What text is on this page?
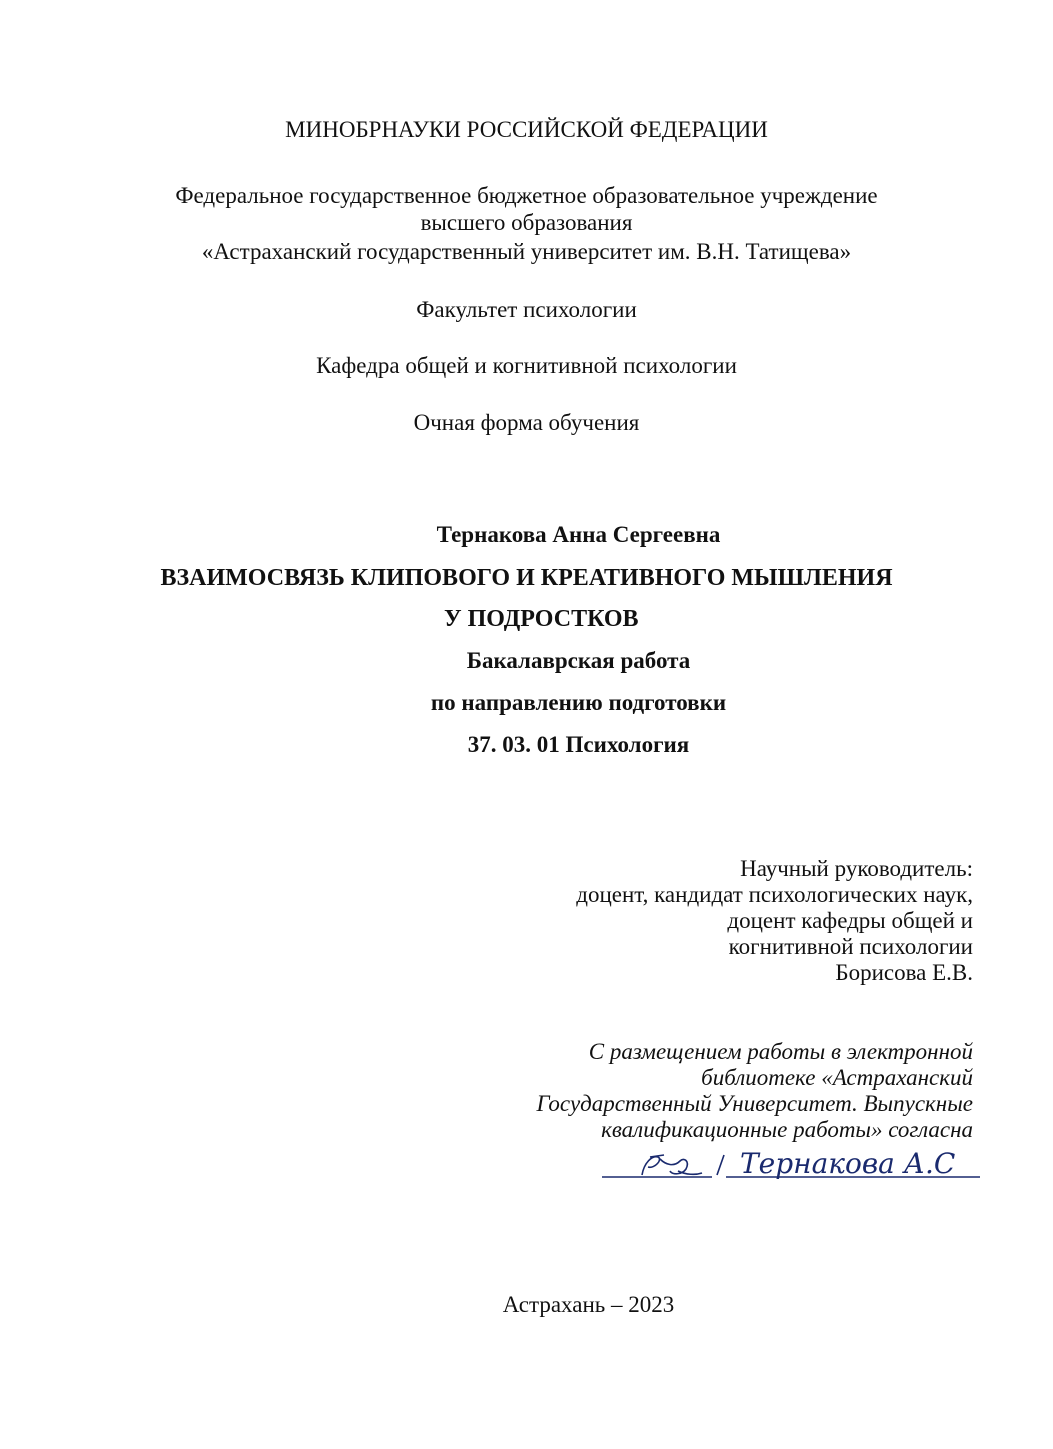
МИНОБРНАУКИ РОССИЙСКОЙ ФЕДЕРАЦИИ
Федеральное государственное бюджетное образовательное учреждение
высшего образования
«Астраханский государственный университет им. В.Н. Татищева»
Факультет психологии
Кафедра общей и когнитивной психологии
Очная форма обучения
Тернакова Анна Сергеевна
ВЗАИМОСВЯЗЬ КЛИПОВОГО И КРЕАТИВНОГО МЫШЛЕНИЯ
У ПОДРОСТКОВ
Бакалаврская работа
по направлению подготовки
37. 03. 01 Психология
Научный руководитель:
доцент, кандидат психологических наук,
доцент кафедры общей и
когнитивной психологии
Борисова Е.В.
С размещением работы в электронной
библиотеке «Астраханский
Государственный Университет. Выпускные
квалификационные работы» согласна
Тернакова А.С
Астрахань – 2023
